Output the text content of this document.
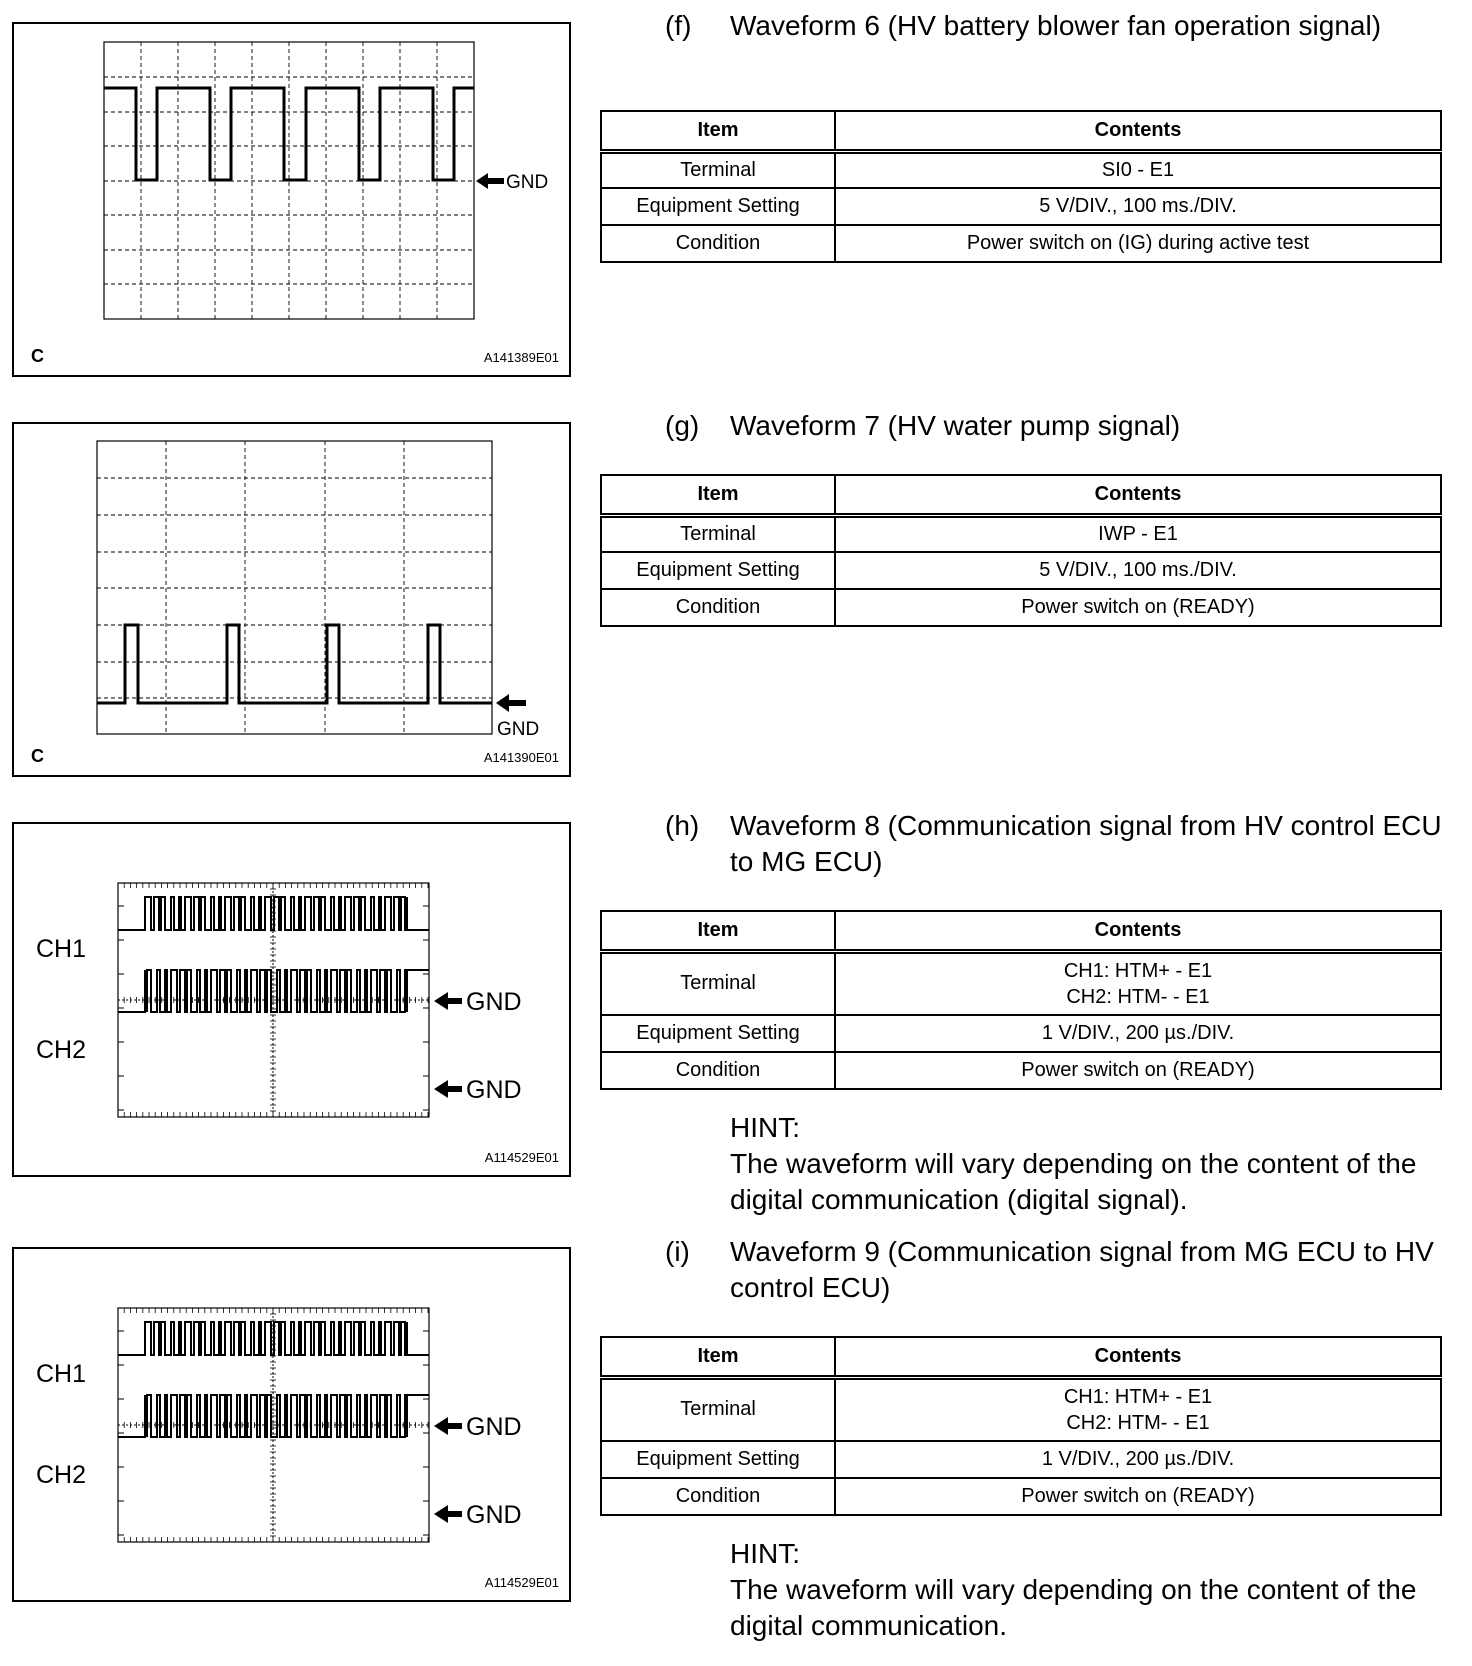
GND
C	A141389E01
GND
C	A141390E01
CH1
CH2
GND
GND
A114529E01
CH1
CH2
GND
GND
A114529E01
(f) Waveform 6 (HV battery blower fan operation signal)
Item	Contents
Terminal	SI0 - E1
Equipment Setting	5 V/DIV., 100 ms./DIV.
Condition	Power switch on (IG) during active test
(g) Waveform 7 (HV water pump signal)
Item	Contents
Terminal	IWP - E1
Equipment Setting	5 V/DIV., 100 ms./DIV.
Condition	Power switch on (READY)
(h) Waveform 8 (Communication signal from HV control ECU to MG ECU)
Item	Contents
Terminal	CH1: HTM+ - E1
CH2: HTM- - E1

Equipment Setting	1 V/DIV., 200 µs./DIV.
Condition	Power switch on (READY)
HINT:
The waveform will vary depending on the content of the digital communication (digital signal).
(i) Waveform 9 (Communication signal from MG ECU to HV control ECU)
Item	Contents
Terminal	CH1: HTM+ - E1
CH2: HTM- - E1

Equipment Setting	1 V/DIV., 200 µs./DIV.
Condition	Power switch on (READY)
HINT:
The waveform will vary depending on the content of the digital communication.
